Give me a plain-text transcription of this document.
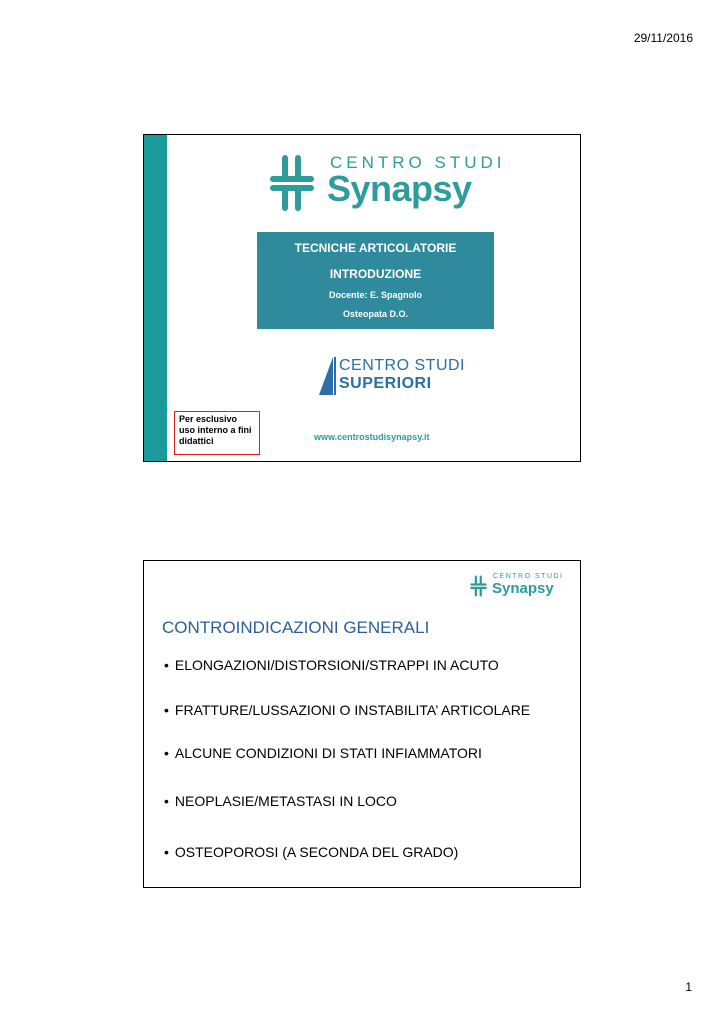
29/11/2016
CENTRO STUDI
Synapsy
TECNICHE ARTICOLATORIE
INTRODUZIONE
Docente: E. Spagnolo
Osteopata D.O.
CENTRO STUDI
SUPERIORI
Per esclusivo uso interno a fini didattici	www.centrostudisynapsy.it
CENTRO STUDI
Synapsy
CONTROINDICAZIONI GENERALI
• ELONGAZIONI/DISTORSIONI/STRAPPI IN ACUTO
• FRATTURE/LUSSAZIONI O INSTABILITA’ ARTICOLARE
• ALCUNE CONDIZIONI DI STATI INFIAMMATORI
• NEOPLASIE/METASTASI IN LOCO
• OSTEOPOROSI (A SECONDA DEL GRADO)
1
